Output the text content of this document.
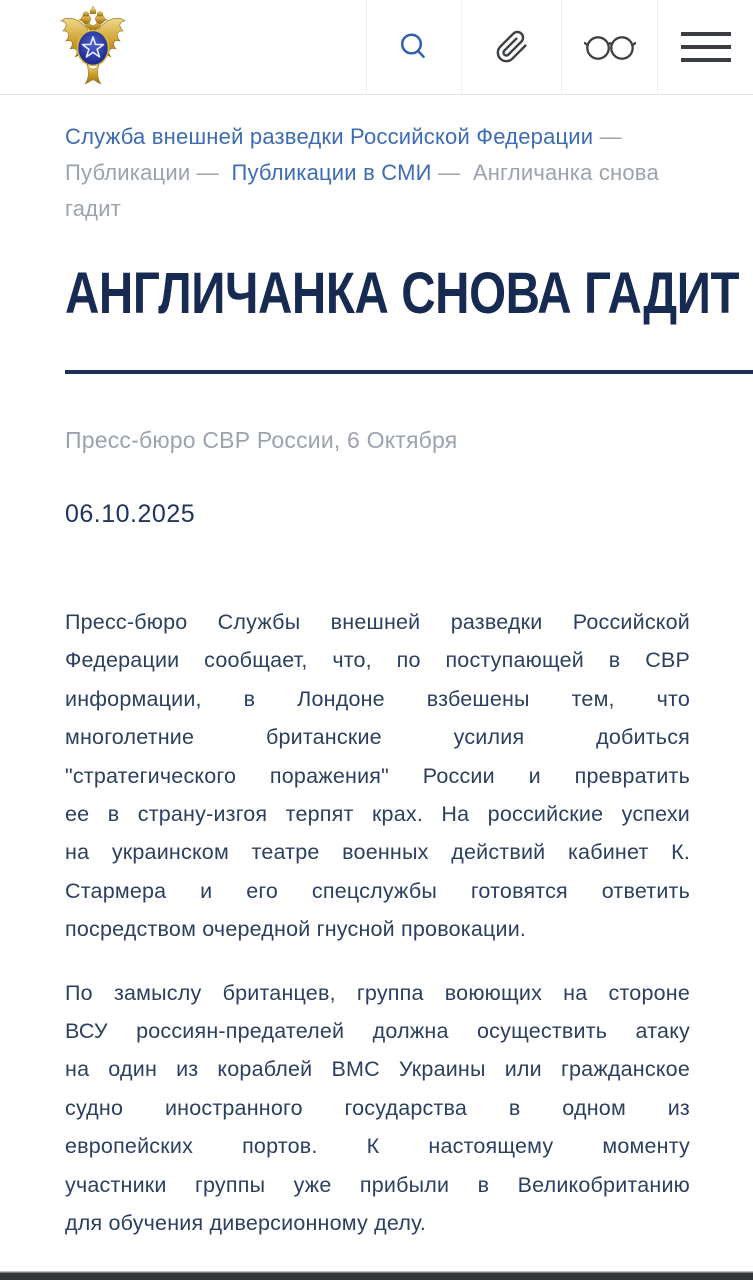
Служба внешней разведки Российской Федерации —  Публикации —  Публикации в СМИ —  Англичанка снова гадит
АНГЛИЧАНКА СНОВА ГАДИТ
Пресс-бюро СВР России, 6 Октября
06.10.2025
Пресс-бюро Службы внешней разведки Российской
Федерации сообщает, что, по поступающей в СВР
информации, в Лондоне взбешены тем, что
многолетние британские усилия добиться
"стратегического поражения" России и превратить
ее в страну-изгоя терпят крах. На российские успехи
на украинском театре военных действий кабинет К.
Стармера и его спецслужбы готовятся ответить
посредством очередной гнусной провокации.
По замыслу британцев, группа воюющих на стороне
ВСУ россиян-предателей должна осуществить атаку
на один из кораблей ВМС Украины или гражданское
судно иностранного государства в одном из
европейских портов. К настоящему моменту
участники группы уже прибыли в Великобританию
для обучения диверсионному делу.
